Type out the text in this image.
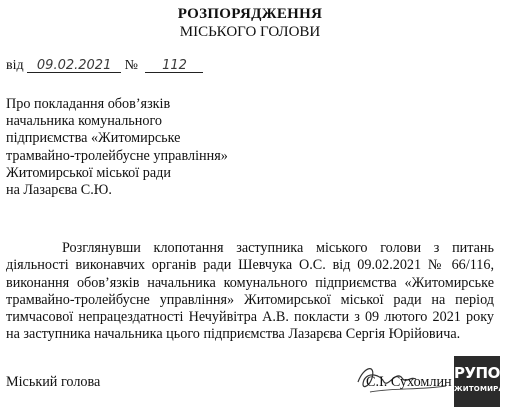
РОЗПОРЯДЖЕННЯ
МІСЬКОГО ГОЛОВИ
від 09.02.2021 № 112
Про покладання обов’язків
начальника комунального
підприємства «Житомирське
трамвайно-тролейбусне управління»
Житомирської міської ради
на Лазарєва С.Ю.
Розглянувши клопотання заступника міського голови з питань діяльності виконавчих органів ради Шевчука О.С. від 09.02.2021 № 66/116, виконання обов’язків начальника комунального підприємства «Житомирське трамвайно-тролейбусне управління» Житомирської міської ради на період тимчасової непрацездатності Нечуйвітра А.В. покласти з 09 лютого 2021 року на заступника начальника цього підприємства Лазарєва Сергія Юрійовича.
Міський голова	С.І. Сухомлин РУПОР
ЖИТОМИРА
